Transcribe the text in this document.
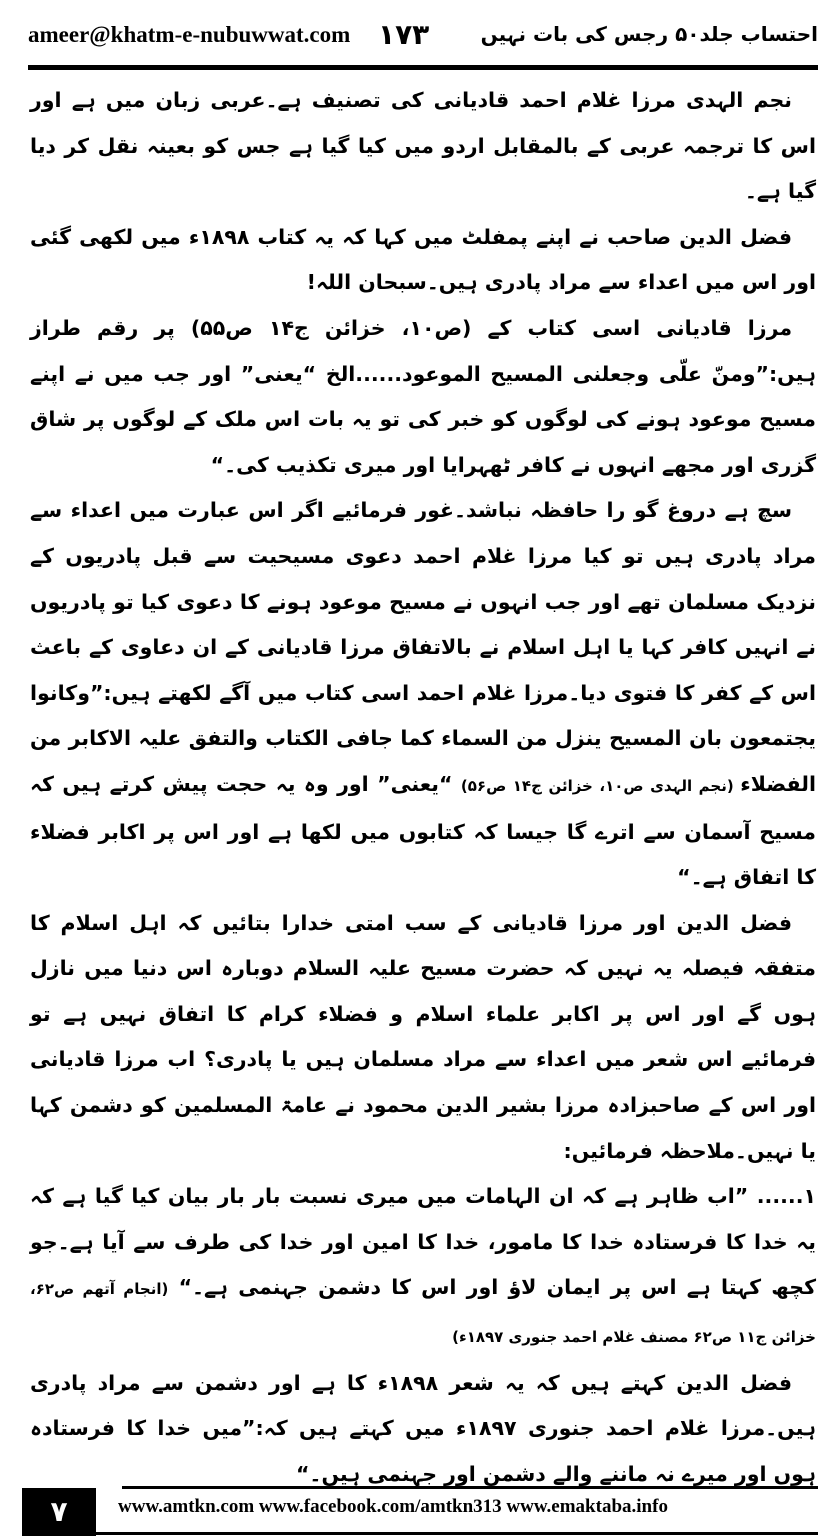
ameer@khatm-e-nubuwwat.com ۱۷۳	احتساب جلد۵۰ رجس کی بات نہیں

نجم الہدی مرزا غلام احمد قادیانی کی تصنیف ہے۔عربی زبان میں ہے اور اس کا ترجمہ عربی کے بالمقابل اردو میں کیا گیا ہے جس کو بعینہ نقل کر دیا گیا ہے۔

فضل الدین صاحب نے اپنے پمفلٹ میں کہا کہ یہ کتاب ۱۸۹۸ء میں لکھی گئی اور اس میں اعداء سے مراد پادری ہیں۔سبحان اللہ!

مرزا قادیانی اسی کتاب کے (ص۱۰، خزائن ج۱۴ ص۵۵) پر رقم طراز ہیں:”ومنّ علّی وجعلنی المسیح الموعود......الخ “یعنی” اور جب میں نے اپنے مسیح موعود ہونے کی لوگوں کو خبر کی تو یہ بات اس ملک کے لوگوں پر شاق گزری اور مجھے انہوں نے کافر ٹھہرایا اور میری تکذیب کی۔“

سچ ہے دروغ گو را حافظہ نباشد۔غور فرمائیے اگر اس عبارت میں اعداء سے مراد پادری ہیں تو کیا مرزا غلام احمد دعوی مسیحیت سے قبل پادریوں کے نزدیک مسلمان تھے اور جب انہوں نے مسیح موعود ہونے کا دعوی کیا تو پادریوں نے انہیں کافر کہا یا اہل اسلام نے بالاتفاق مرزا قادیانی کے ان دعاوی کے باعث اس کے کفر کا فتوی دیا۔مرزا غلام احمد اسی کتاب میں آگے لکھتے ہیں:”وکانوا یجتمعون بان المسیح ینزل من السماء کما جافی الکتاب والتفق علیہ الاکابر من الفضلاء (نجم الہدی ص۱۰، خزائن ج۱۴ ص۵۶) “یعنی” اور وہ یہ حجت پیش کرتے ہیں کہ مسیح آسمان سے اترے گا جیسا کہ کتابوں میں لکھا ہے اور اس پر اکابر فضلاء کا اتفاق ہے۔“

فضل الدین اور مرزا قادیانی کے سب امتی خدارا بتائیں کہ اہل اسلام کا متفقہ فیصلہ یہ نہیں کہ حضرت مسیح علیہ السلام دوبارہ اس دنیا میں نازل ہوں گے اور اس پر اکابر علماء اسلام و فضلاء کرام کا اتفاق نہیں ہے تو فرمائیے اس شعر میں اعداء سے مراد مسلمان ہیں یا پادری؟ اب مرزا قادیانی اور اس کے صاحبزادہ مرزا بشیر الدین محمود نے عامۃ المسلمین کو دشمن کہا یا نہیں۔ملاحظہ فرمائیں:

۱...... ”اب ظاہر ہے کہ ان الہامات میں میری نسبت بار بار بیان کیا گیا ہے کہ یہ خدا کا فرستادہ خدا کا مامور، خدا کا امین اور خدا کی طرف سے آیا ہے۔جو کچھ کہتا ہے اس پر ایمان لاؤ اور اس کا دشمن جہنمی ہے۔“ (انجام آتھم ص۶۲، خزائن ج۱۱ ص۶۲ مصنف غلام احمد جنوری ۱۸۹۷ء)

فضل الدین کہتے ہیں کہ یہ شعر ۱۸۹۸ء کا ہے اور دشمن سے مراد پادری ہیں۔مرزا غلام احمد جنوری ۱۸۹۷ء میں کہتے ہیں کہ:”میں خدا کا فرستادہ ہوں اور میرے نہ ماننے والے دشمن اور جہنمی ہیں۔“

۷	www.amtkn.com www.facebook.com/amtkn313 www.emaktaba.info
